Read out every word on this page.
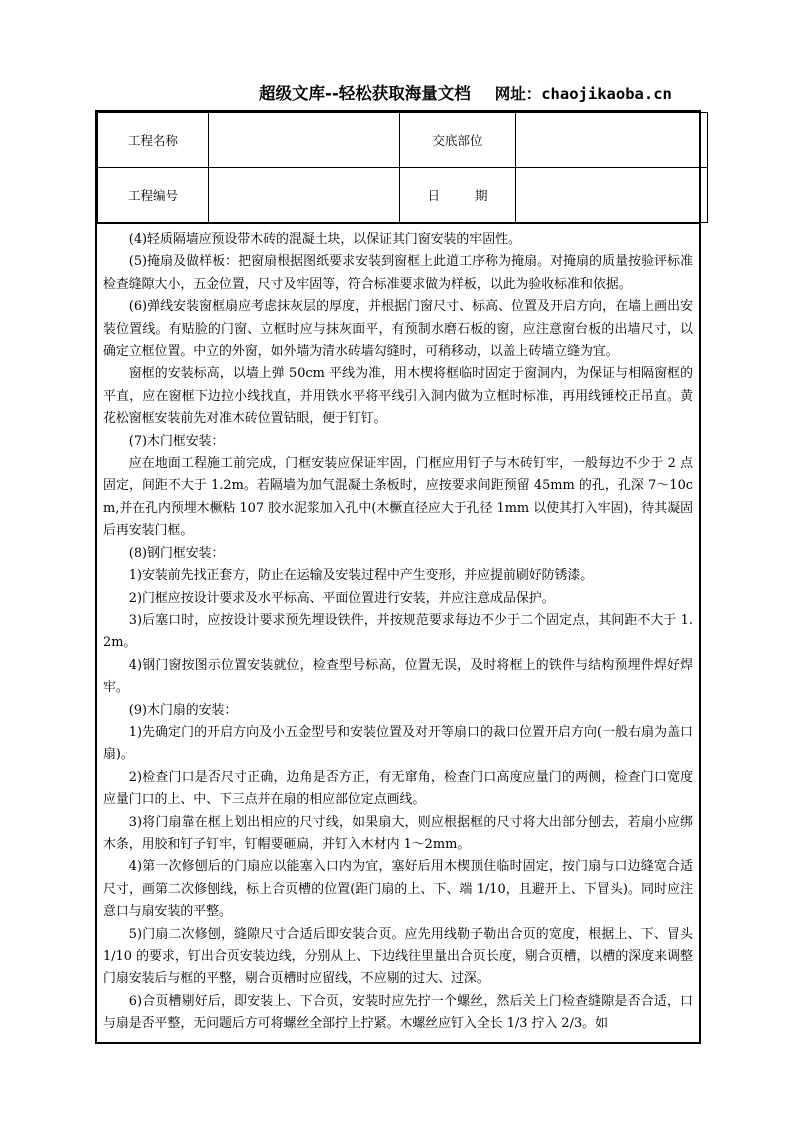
超级文库--轻松获取海量文档 网址： chaojikaoba.cn
工程名称		交底部位	
工程编号		日　期	

(4)轻质隔墙应预设带木砖的混凝土块，以保证其门窗安装的牢固性。

(5)掩扇及做样板：把窗扇根据图纸要求安装到窗框上此道工序称为掩扇。对掩扇的质量按验评标准检查缝隙大小，五金位置，尺寸及牢固等，符合标准要求做为样板，以此为验收标准和依据。

(6)弹线安装窗框扇应考虑抹灰层的厚度，并根据门窗尺寸、标高、位置及开启方向，在墙上画出安装位置线。有贴脸的门窗、立框时应与抹灰面平，有预制水磨石板的窗，应注意窗台板的出墙尺寸，以确定立框位置。中立的外窗，如外墙为清水砖墙勾缝时，可稍移动，以盖上砖墙立缝为宜。

窗框的安装标高，以墙上弹 50cm 平线为准，用木楔将框临时固定于窗洞内，为保证与相隔窗框的平直，应在窗框下边拉小线找直，并用铁水平将平线引入洞内做为立框时标准，再用线锤校正吊直。黄花松窗框安装前先对准木砖位置钻眼，便于钉钉。

(7)木门框安装：

应在地面工程施工前完成，门框安装应保证牢固，门框应用钉子与木砖钉牢，一般每边不少于 2 点固定，间距不大于 1.2m。若隔墙为加气混凝土条板时，应按要求间距预留 45mm 的孔，孔深 7～10cm,并在孔内预埋木橛粘 107 胶水泥浆加入孔中(木橛直径应大于孔径 1mm 以使其打入牢固)，待其凝固后再安装门框。

(8)钢门框安装：

1)安装前先找正套方，防止在运输及安装过程中产生变形，并应提前刷好防锈漆。

2)门框应按设计要求及水平标高、平面位置进行安装，并应注意成品保护。

3)后塞口时，应按设计要求预先埋设铁件，并按规范要求每边不少于二个固定点，其间距不大于 1.2m。

4)钢门窗按图示位置安装就位，检查型号标高，位置无误，及时将框上的铁件与结构预埋件焊好焊牢。

(9)木门扇的安装：

1)先确定门的开启方向及小五金型号和安装位置及对开等扇口的裁口位置开启方向(一般右扇为盖口扇)。

2)检查门口是否尺寸正确，边角是否方正，有无窜角，检查门口高度应量门的两侧，检查门口宽度应量门口的上、中、下三点并在扇的相应部位定点画线。

3)将门扇靠在框上划出相应的尺寸线，如果扇大，则应根据框的尺寸将大出部分刨去，若扇小应绑木条，用胶和钉子钉牢，钉帽要砸扁，并钉入木材内 1～2mm。

4)第一次修刨后的门扇应以能塞入口内为宜，塞好后用木楔顶住临时固定，按门扇与口边缝宽合适尺寸，画第二次修刨线，标上合页槽的位置(距门扇的上、下、端 1/10，且避开上、下冒头)。同时应注意口与扇安装的平整。

5)门扇二次修刨，缝隙尺寸合适后即安装合页。应先用线勒子勒出合页的宽度，根据上、下、冒头 1/10 的要求，钉出合页安装边线，分别从上、下边线往里量出合页长度，剔合页槽，以槽的深度来调整门扇安装后与框的平整，剔合页槽时应留线，不应剔的过大、过深。

6)合页槽剔好后，即安装上、下合页，安装时应先拧一个螺丝，然后关上门检查缝隙是否合适，口与扇是否平整，无问题后方可将螺丝全部拧上拧紧。木螺丝应钉入全长 1/3 拧入 2/3。如
